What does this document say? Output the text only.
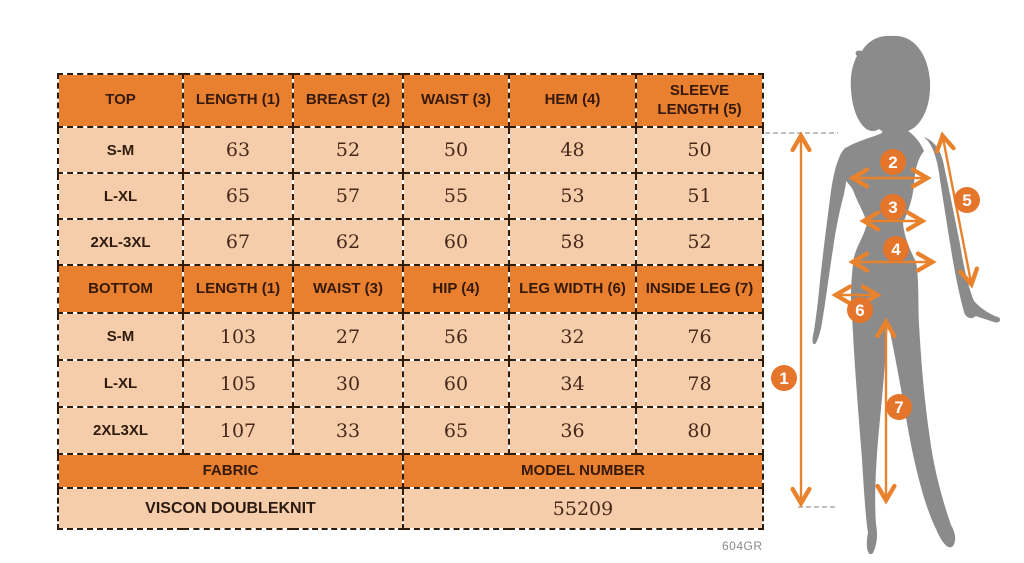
TOP	LENGTH (1)	BREAST (2)	WAIST (3)	HEM (4)	SLEEVE LENGTH (5)
S-M	63	52	50	48	50
L-XL	65	57	55	53	51
2XL-3XL	67	62	60	58	52
BOTTOM	LENGTH (1)	WAIST (3)	HIP (4)	LEG WIDTH (6)	INSIDE LEG (7)
S-M	103	27	56	32	76
L-XL	105	30	60	34	78
2XL3XL	107	33	65	36	80
FABRIC			MODEL NUMBER		
VISCON DOUBLEKNIT			55209		
604GR
1
2
3
4
5
6
7
